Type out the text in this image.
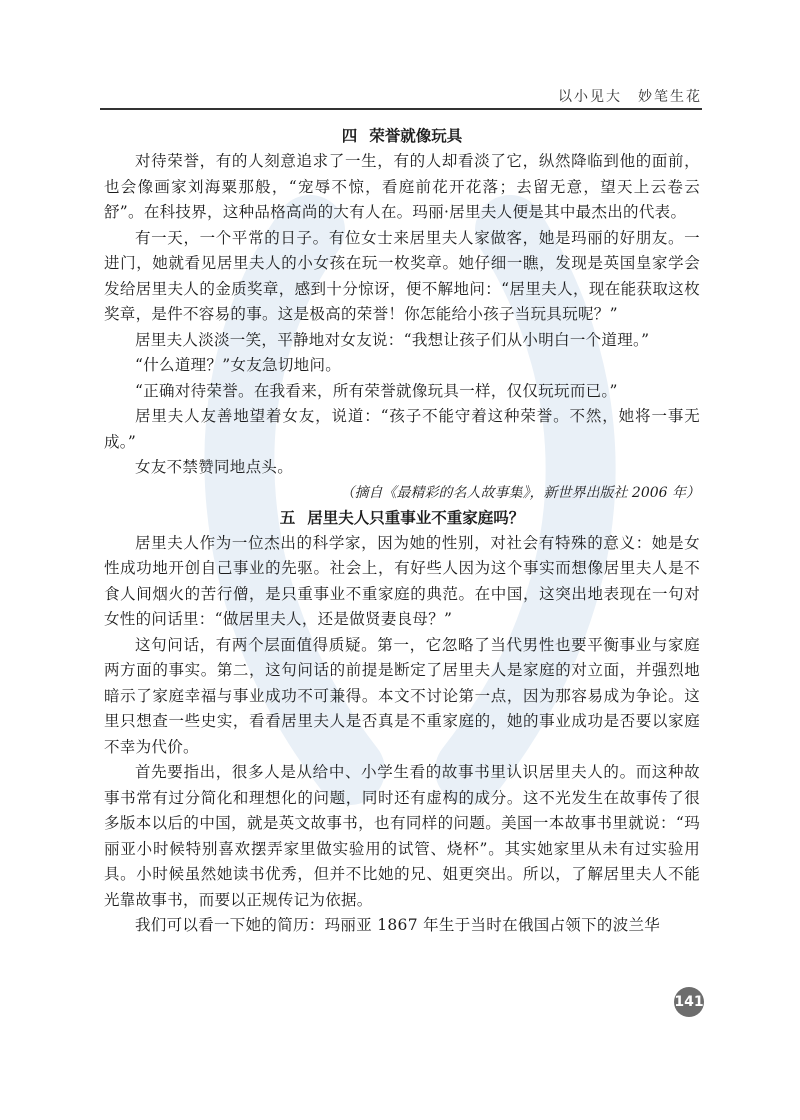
以小见大　妙笔生花
四 荣誉就像玩具

对待荣誉，有的人刻意追求了一生，有的人却看淡了它，纵然降临到他的面前，也会像画家刘海粟那般，“宠辱不惊，看庭前花开花落；去留无意，望天上云卷云舒”。在科技界，这种品格高尚的大有人在。玛丽·居里夫人便是其中最杰出的代表。

有一天，一个平常的日子。有位女士来居里夫人家做客，她是玛丽的好朋友。一进门，她就看见居里夫人的小女孩在玩一枚奖章。她仔细一瞧，发现是英国皇家学会发给居里夫人的金质奖章，感到十分惊讶，便不解地问：“居里夫人，现在能获取这枚奖章，是件不容易的事。这是极高的荣誉！你怎能给小孩子当玩具玩呢？”

居里夫人淡淡一笑，平静地对女友说：“我想让孩子们从小明白一个道理。”

“什么道理？”女友急切地问。

“正确对待荣誉。在我看来，所有荣誉就像玩具一样，仅仅玩玩而已。”

居里夫人友善地望着女友，说道：“孩子不能守着这种荣誉。不然，她将一事无成。”

女友不禁赞同地点头。

（摘自《最精彩的名人故事集》，新世界出版社 2006 年）

五 居里夫人只重事业不重家庭吗？

居里夫人作为一位杰出的科学家，因为她的性别，对社会有特殊的意义：她是女性成功地开创自己事业的先驱。社会上，有好些人因为这个事实而想像居里夫人是不食人间烟火的苦行僧，是只重事业不重家庭的典范。在中国，这突出地表现在一句对女性的问话里：“做居里夫人，还是做贤妻良母？”

这句问话，有两个层面值得质疑。第一，它忽略了当代男性也要平衡事业与家庭两方面的事实。第二，这句问话的前提是断定了居里夫人是家庭的对立面，并强烈地暗示了家庭幸福与事业成功不可兼得。本文不讨论第一点，因为那容易成为争论。这里只想查一些史实，看看居里夫人是否真是不重家庭的，她的事业成功是否要以家庭不幸为代价。

首先要指出，很多人是从给中、小学生看的故事书里认识居里夫人的。而这种故事书常有过分简化和理想化的问题，同时还有虚构的成分。这不光发生在故事传了很多版本以后的中国，就是英文故事书，也有同样的问题。美国一本故事书里就说：“玛丽亚小时候特别喜欢摆弄家里做实验用的试管、烧杯”。其实她家里从未有过实验用具。小时候虽然她读书优秀，但并不比她的兄、姐更突出。所以，了解居里夫人不能光靠故事书，而要以正规传记为依据。

我们可以看一下她的简历：玛丽亚 1867 年生于当时在俄国占领下的波兰华

141
